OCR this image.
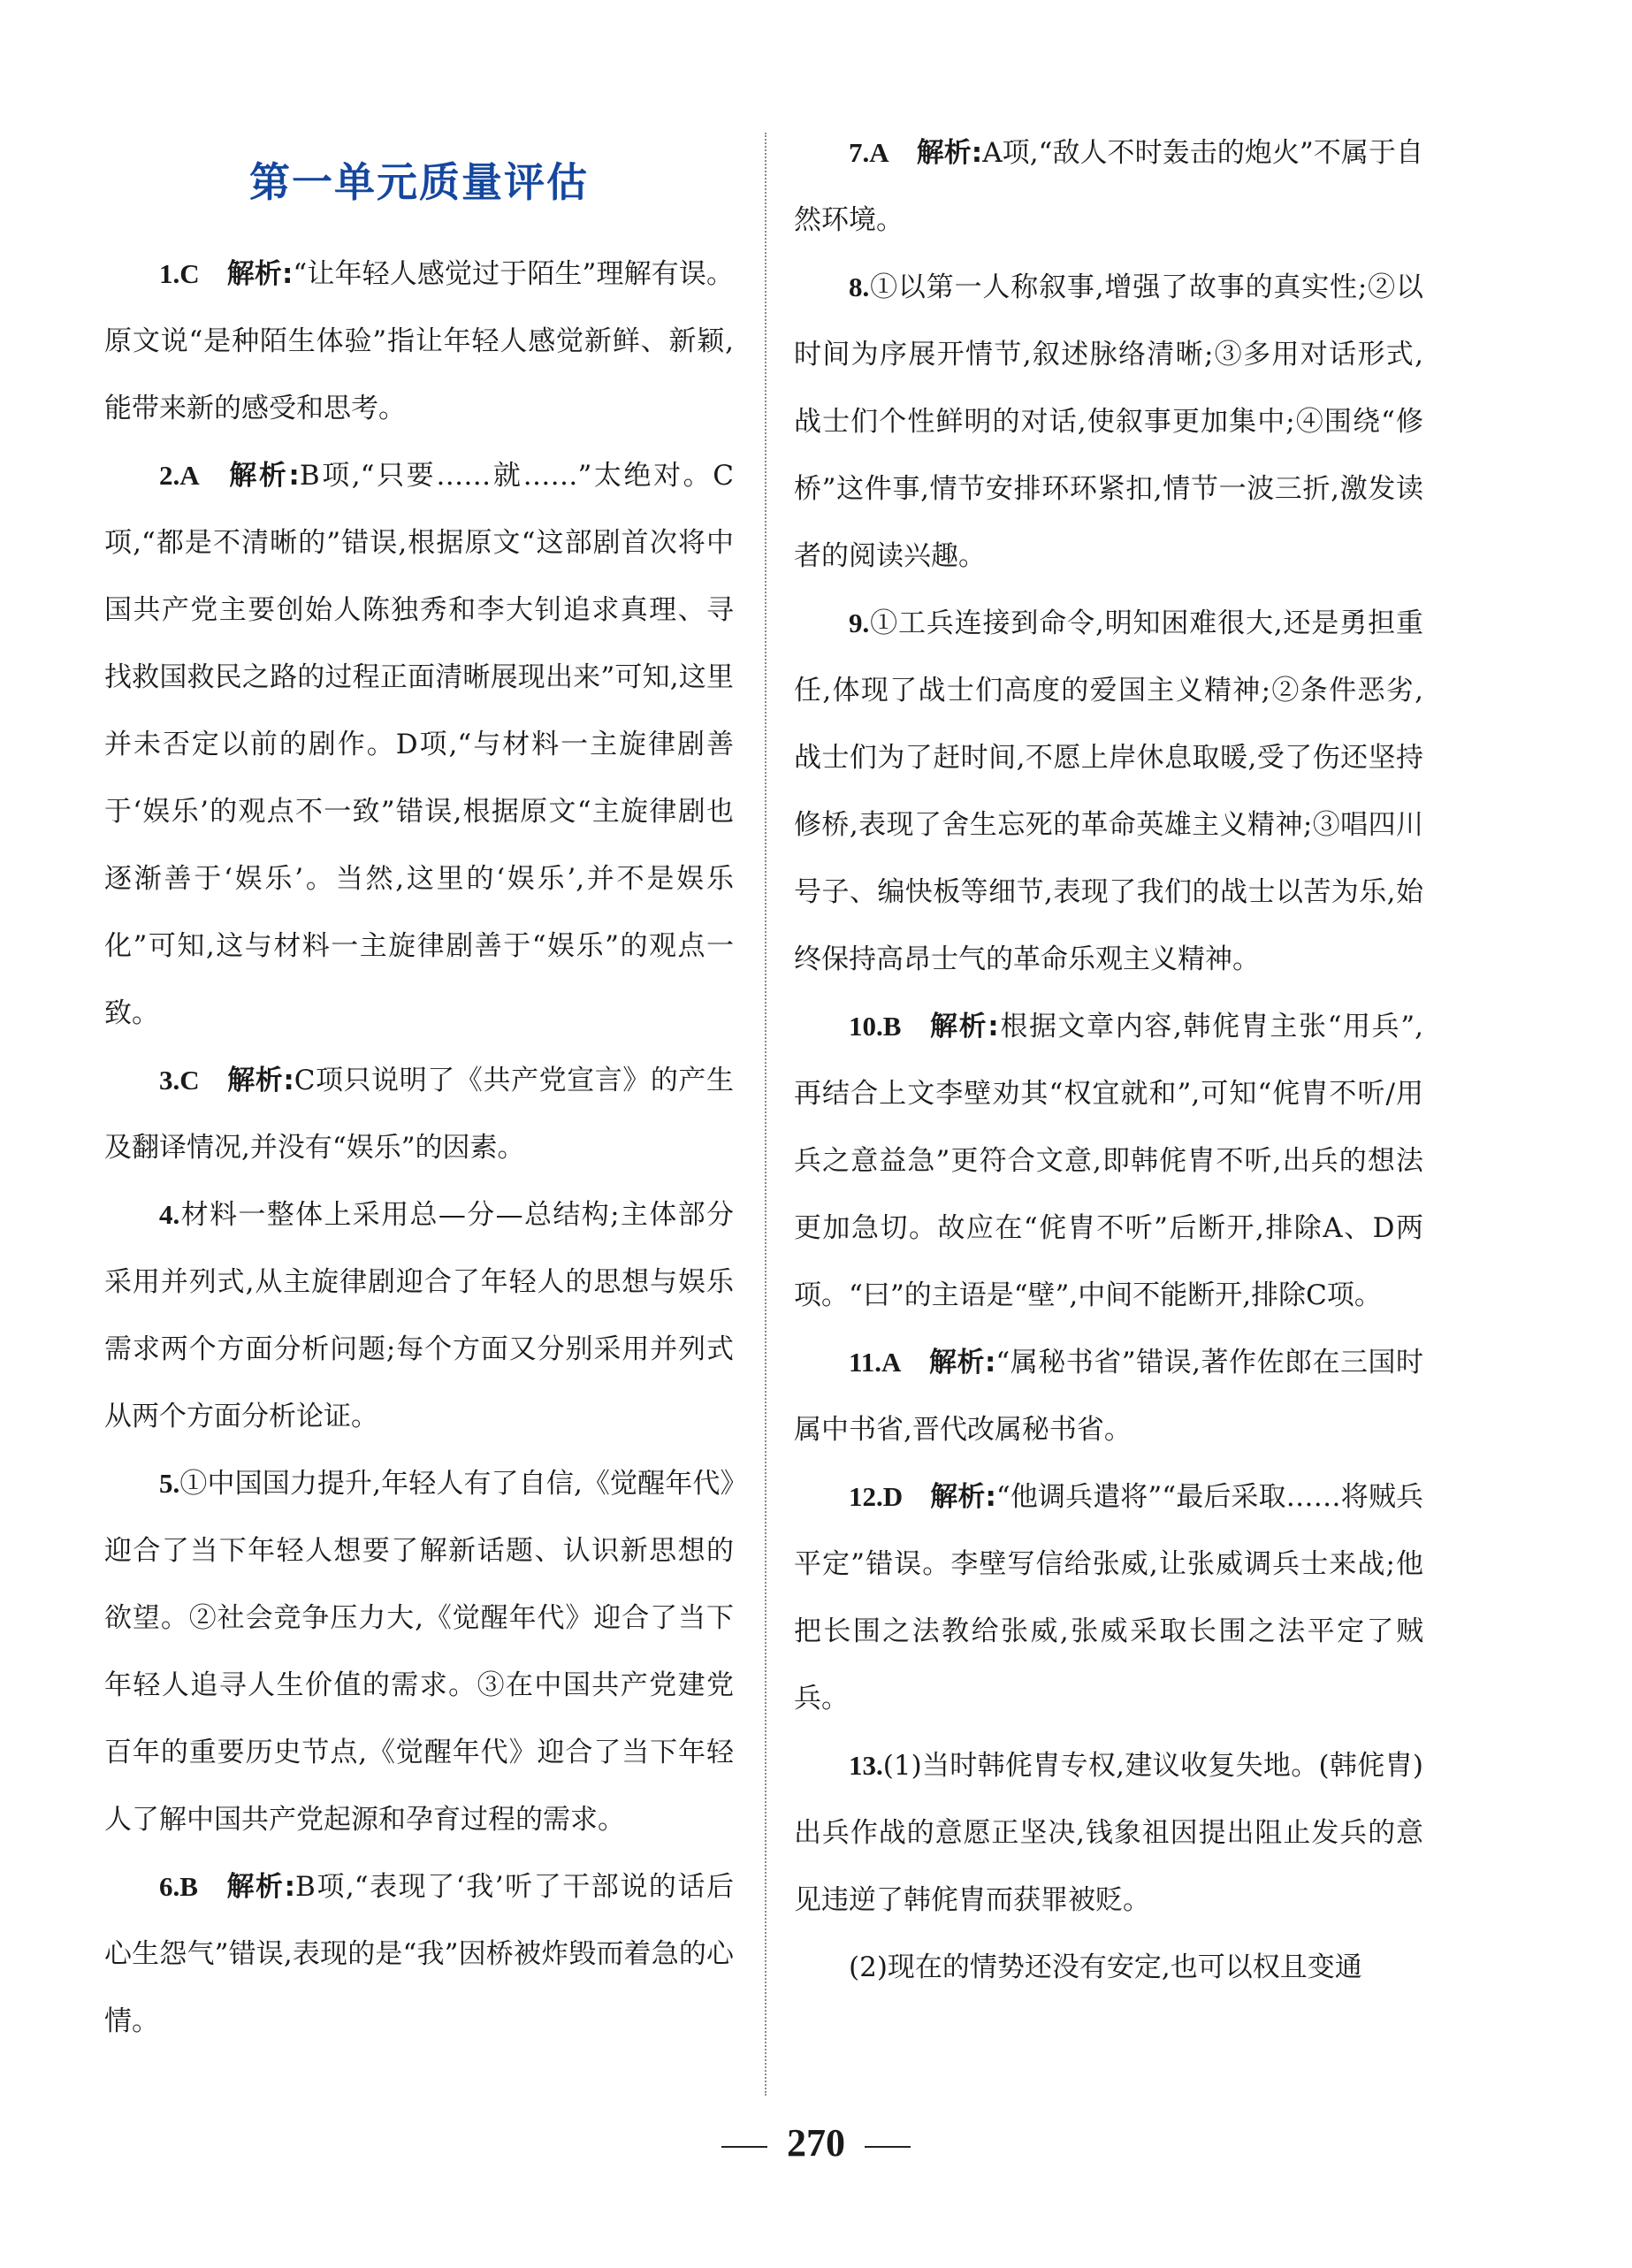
第一单元质量评估

1.C  解析:“让年轻人感觉过于陌生”理解有误。原文说“是种陌生体验”指让年轻人感觉新鲜、新颖,能带来新的感受和思考。

2.A  解析:B项,“只要……就……”太绝对。C项,“都是不清晰的”错误,根据原文“这部剧首次将中国共产党主要创始人陈独秀和李大钊追求真理、寻找救国救民之路的过程正面清晰展现出来”可知,这里并未否定以前的剧作。D项,“与材料一主旋律剧善于‘娱乐’的观点不一致”错误,根据原文“主旋律剧也逐渐善于‘娱乐’。当然,这里的‘娱乐’,并不是娱乐化”可知,这与材料一主旋律剧善于“娱乐”的观点一致。

3.C  解析:C项只说明了《共产党宣言》的产生及翻译情况,并没有“娱乐”的因素。

4.材料一整体上采用总—分—总结构;主体部分采用并列式,从主旋律剧迎合了年轻人的思想与娱乐需求两个方面分析问题;每个方面又分别采用并列式从两个方面分析论证。

5.①中国国力提升,年轻人有了自信,《觉醒年代》迎合了当下年轻人想要了解新话题、认识新思想的欲望。②社会竞争压力大,《觉醒年代》迎合了当下年轻人追寻人生价值的需求。③在中国共产党建党百年的重要历史节点,《觉醒年代》迎合了当下年轻人了解中国共产党起源和孕育过程的需求。

6.B  解析:B项,“表现了‘我’听了干部说的话后心生怨气”错误,表现的是“我”因桥被炸毁而着急的心情。

7.A  解析:A项,“敌人不时轰击的炮火”不属于自然环境。

8.①以第一人称叙事,增强了故事的真实性;②以时间为序展开情节,叙述脉络清晰;③多用对话形式,战士们个性鲜明的对话,使叙事更加集中;④围绕“修桥”这件事,情节安排环环紧扣,情节一波三折,激发读者的阅读兴趣。

9.①工兵连接到命令,明知困难很大,还是勇担重任,体现了战士们高度的爱国主义精神;②条件恶劣,战士们为了赶时间,不愿上岸休息取暖,受了伤还坚持修桥,表现了舍生忘死的革命英雄主义精神;③唱四川号子、编快板等细节,表现了我们的战士以苦为乐,始终保持高昂士气的革命乐观主义精神。

10.B  解析:根据文章内容,韩侂胄主张“用兵”,再结合上文李壁劝其“权宜就和”,可知“侂胄不听/用兵之意益急”更符合文意,即韩侂胄不听,出兵的想法更加急切。故应在“侂胄不听”后断开,排除A、D两项。“曰”的主语是“壁”,中间不能断开,排除C项。

11.A  解析:“属秘书省”错误,著作佐郎在三国时属中书省,晋代改属秘书省。

12.D  解析:“他调兵遣将”“最后采取……将贼兵平定”错误。李壁写信给张威,让张威调兵士来战;他把长围之法教给张威,张威采取长围之法平定了贼兵。

13.(1)当时韩侂胄专权,建议收复失地。(韩侂胄)出兵作战的意愿正坚决,钱象祖因提出阻止发兵的意见违逆了韩侂胄而获罪被贬。

(2)现在的情势还没有安定,也可以权且变通

270
